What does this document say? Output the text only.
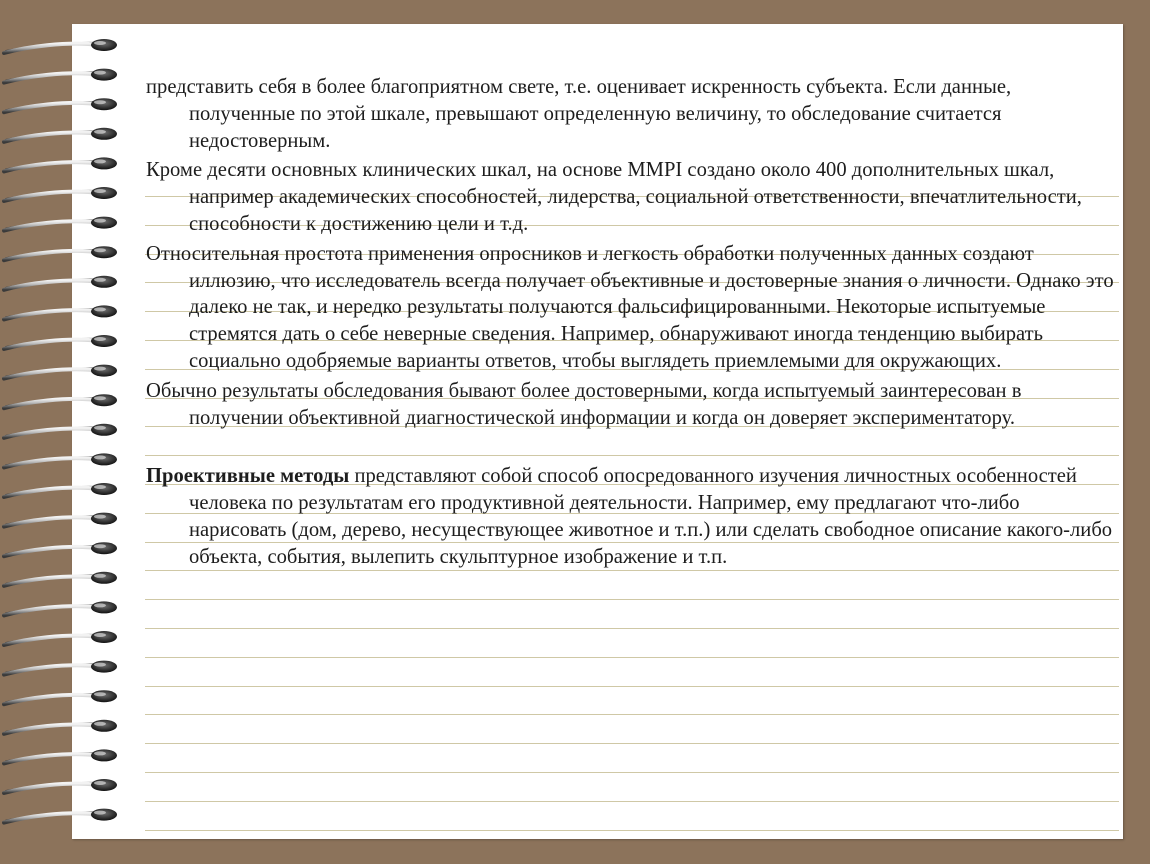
представить себя в более благоприятном свете, т.е. оценивает искренность субъекта. Если данные, полученные по этой шкале, превышают определенную величину, то обследование считается недостоверным.

Кроме десяти основных клинических шкал, на основе MMPI создано около 400 дополнительных шкал, например академических способностей, лидерства, социальной ответственности, впечатлительности, способности к достижению цели и т.д.

Относительная простота применения опросников и легкость обработки полученных данных создают иллюзию, что исследователь всегда получает объективные и достоверные знания о личности. Однако это далеко не так, и нередко результаты получаются фальсифицированными. Некоторые испытуемые стремятся дать о себе неверные сведения. Например, обнаруживают иногда тенденцию выбирать социально одобряемые варианты ответов, чтобы выглядеть приемлемыми для окружающих.

Обычно результаты обследования бывают более достоверными, когда испытуемый заинтересован в получении объективной диагностической информации и когда он доверяет экспериментатору.

Проективные методы представляют собой способ опосредованного изучения личностных особенностей человека по результатам его продуктивной деятельности. Например, ему предлагают что-либо нарисовать (дом, дерево, несуществующее животное и т.п.) или сделать свободное описание какого-либо объекта, события, вылепить скульптурное изображение и т.п.
